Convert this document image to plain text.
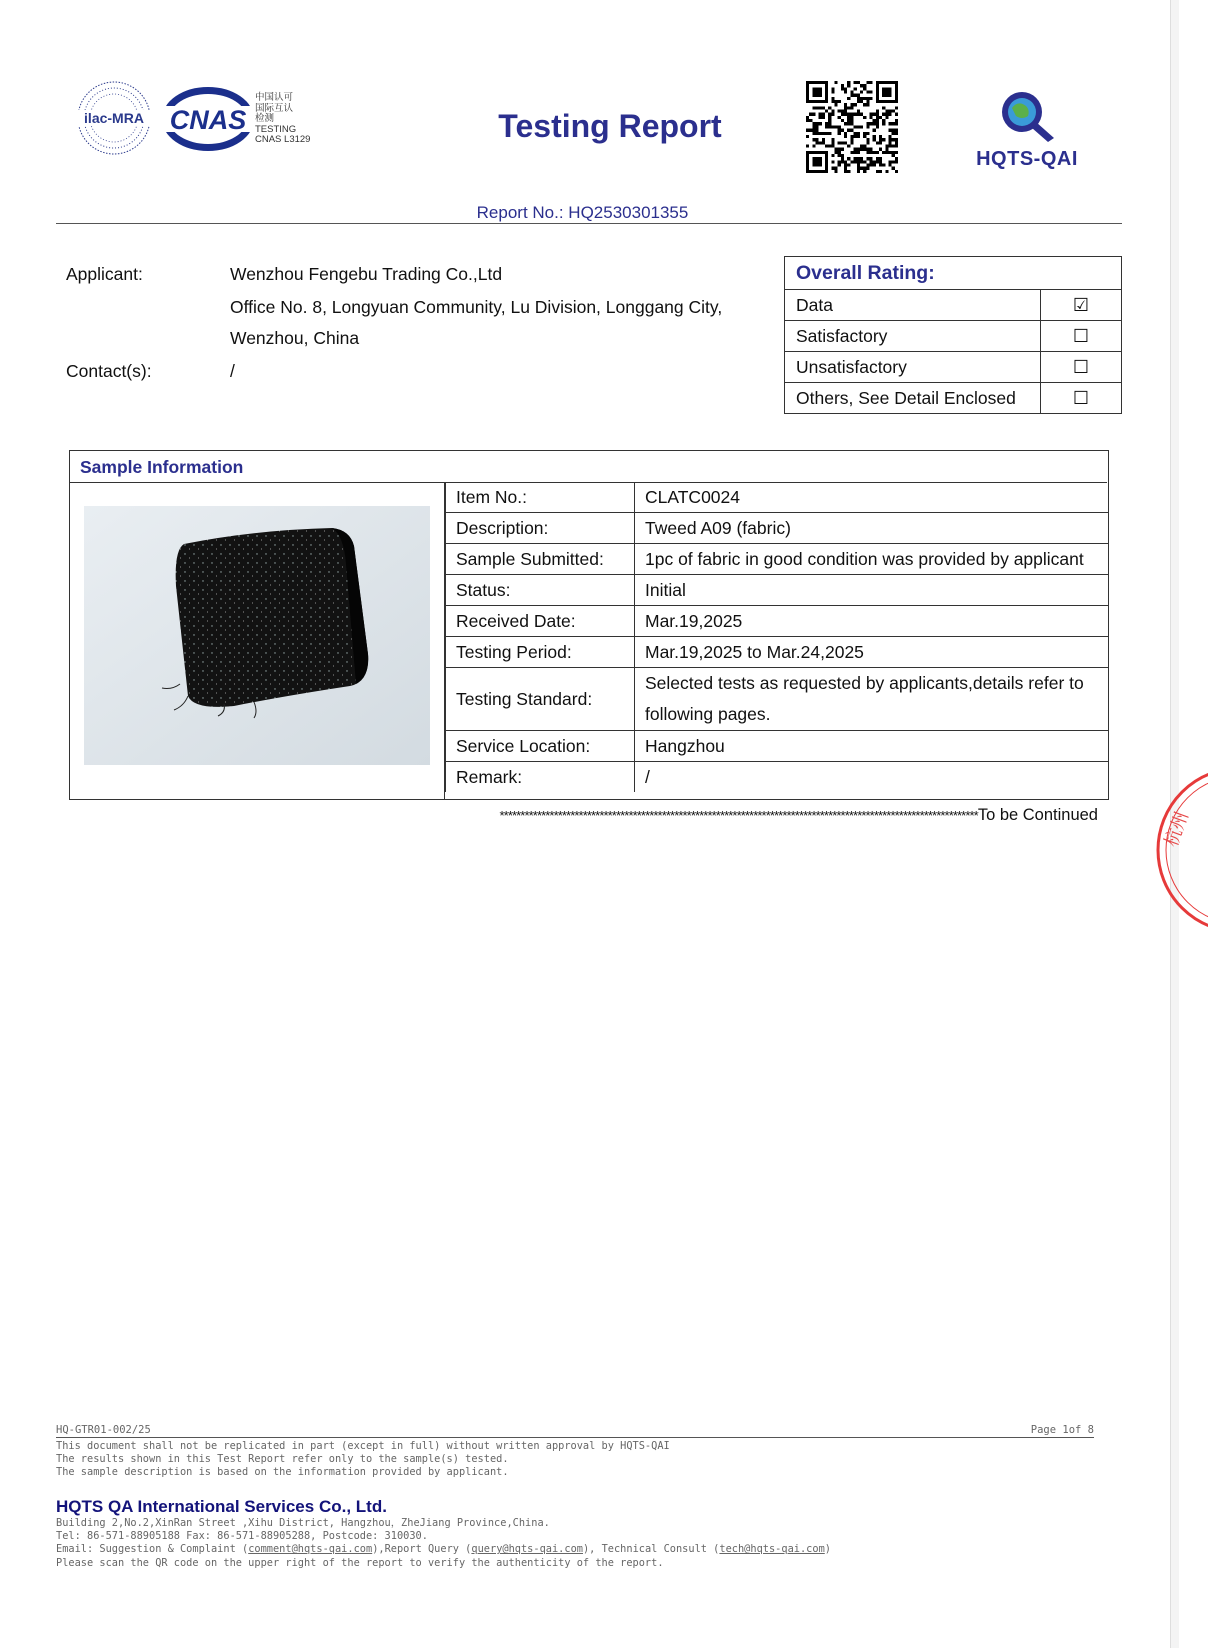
ilac-MRA CNAS
中国认可
国际互认
检测
TESTING
CNAS L3129	Testing Report
HQTS-QAI
Report No.: HQ2530301355
Applicant:	Wenzhou Fengebu Trading Co.,Ltd
Office No. 8, Longyuan Community, Lu Division, Longgang City,
Wenzhou, China
Contact(s):	/
Overall Rating:	
Data	☑
Satisfactory	☐
Unsatisfactory	☐
Others, See Detail Enclosed	☐
Sample Information
Item No.:	CLATC0024
Description:	Tweed A09 (fabric)
Sample Submitted:	1pc of fabric in good condition was provided by applicant
Status:	Initial
Received Date:	Mar.19,2025
Testing Period:	Mar.19,2025 to Mar.24,2025
Testing Standard:	Selected tests as requested by applicants,details refer to following pages.
Service Location:	Hangzhou
Remark:	/
*******************************************************************************************************************To be Continued	杭州
HQ-GTR01-002/25	Page 1of 8
This document shall not be replicated in part (except in full) without written approval by HQTS-QAI
The results shown in this Test Report refer only to the sample(s) tested.
The sample description is based on the information provided by applicant.
HQTS QA International Services Co., Ltd.
Building 2,No.2,XinRan Street ,Xihu District, Hangzhou，ZheJiang Province,China.
Tel: 86-571-88905188 Fax: 86-571-88905288, Postcode: 310030.
Email: Suggestion & Complaint (comment@hqts-qai.com),Report Query (query@hqts-qai.com), Technical Consult (tech@hqts-qai.com)
Please scan the QR code on the upper right of the report to verify the authenticity of the report.
